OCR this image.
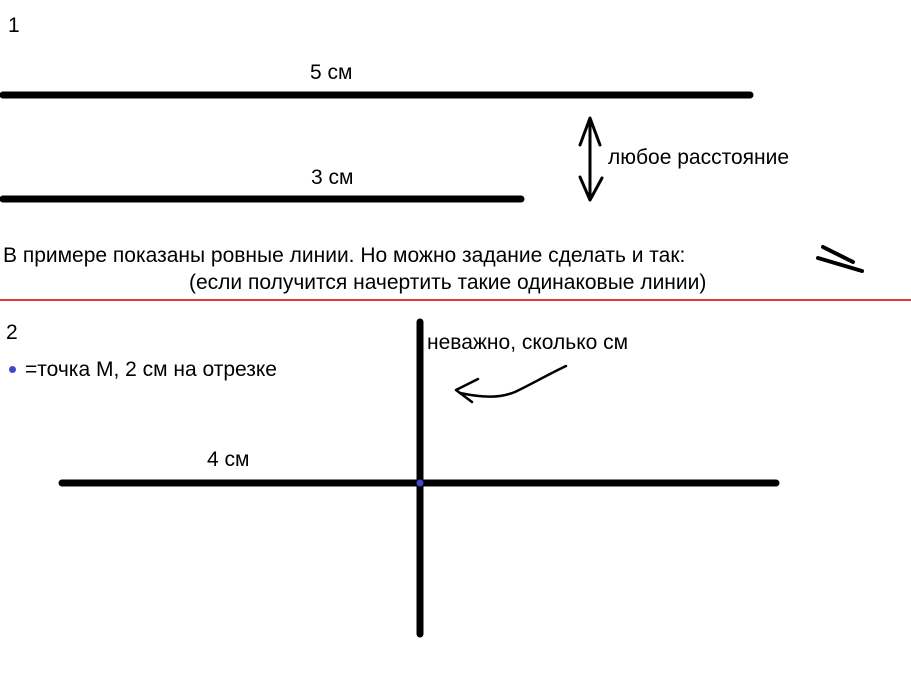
1
5 см
3 см
любое расстояние
В примере показаны ровные линии. Но можно задание сделать и так:
(если получится начертить такие одинаковые линии)
2
=точка М, 2 см на отрезке
4 см
неважно, сколько см
